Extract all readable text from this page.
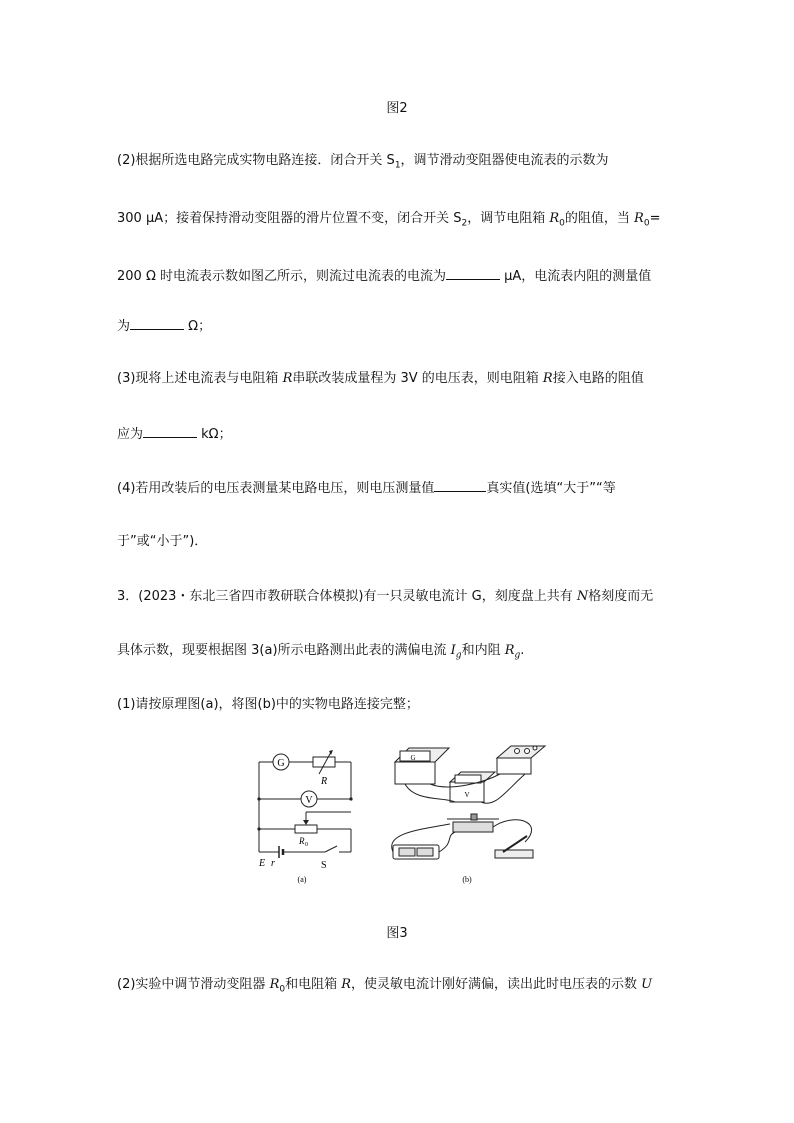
图2
(2)根据所选电路完成实物电路连接．闭合开关 $S_1$，调节滑动变阻器使电流表的示数为
300 μA；接着保持滑动变阻器的滑片位置不变，闭合开关 $S_2$，调节电阻箱 $R_0$的阻值，当 $R_0=$
200 Ω 时电流表示数如图乙所示，则流过电流表的电流为	μA，电流表内阻的测量值
为	Ω；
(3)现将上述电流表与电阻箱 R串联改装成量程为 3V 的电压表，则电阻箱 R接入电路的阻值
应为	kΩ；
(4)若用改装后的电压表测量某电路电压，则电压测量值	真实值(选填“大于”“等
于”或“小于”)．
3．(2023・东北三省四市教研联合体模拟)有一只灵敏电流计 G，刻度盘上共有 N格刻度而无
具体示数，现要根据图 3(a)所示电路测出此表的满偏电流 $I_g$和内阻 $R_g$.
(1)请按原理图(a)，将图(b)中的实物电路连接完整；
G
V
R
R 0
E r	S
(a)
G
V
(b)
图3
(2)实验中调节滑动变阻器 $R_0$和电阻箱 R，使灵敏电流计刚好满偏，读出此时电压表的示数 U
